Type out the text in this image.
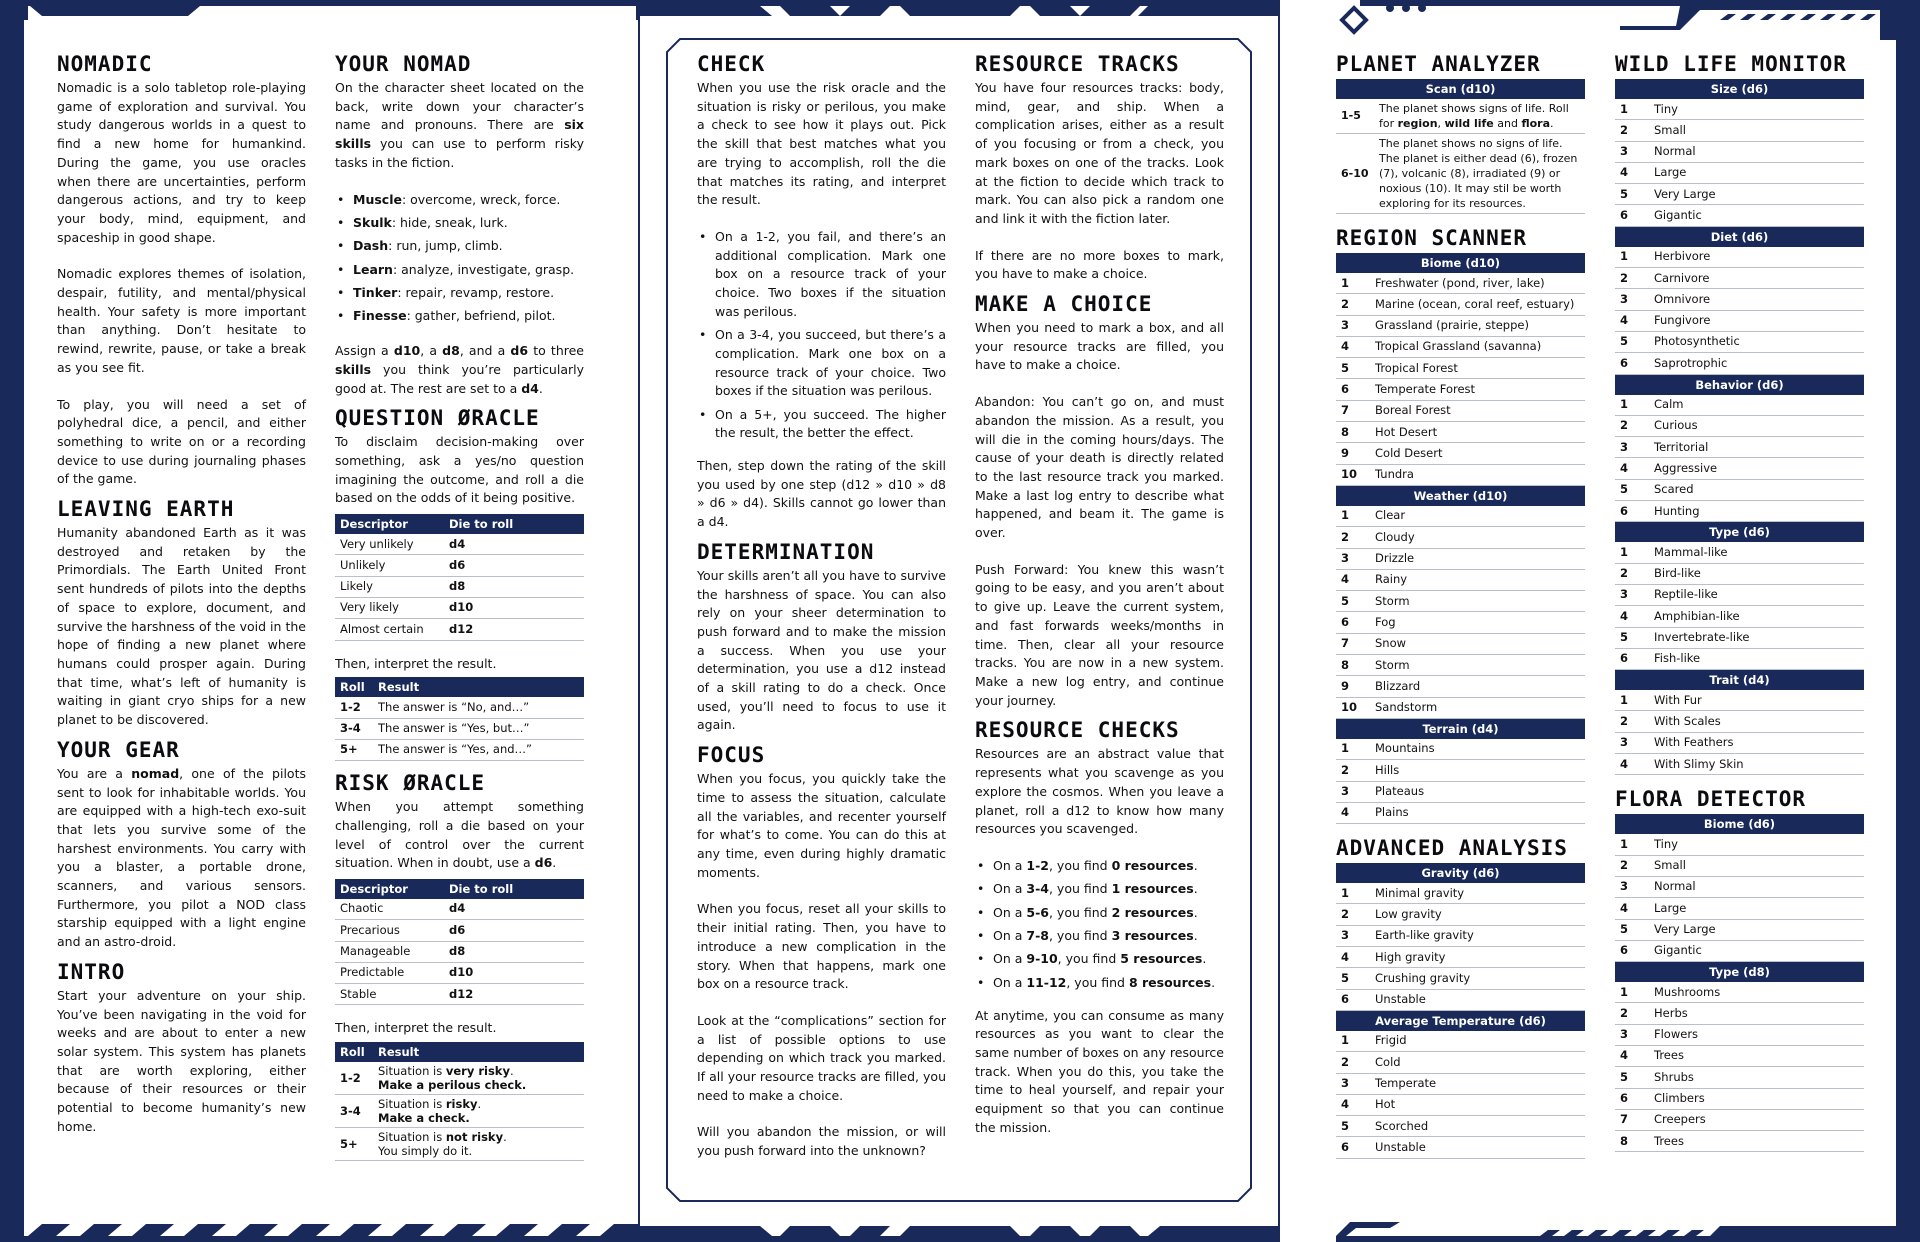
NOMADIC

Nomadic is a solo tabletop role-playing game of exploration and survival. You study dangerous worlds in a quest to find a new home for humankind. During the game, you use oracles when there are uncertainties, perform dangerous actions, and try to keep your body, mind, equipment, and spaceship in good shape.

Nomadic explores themes of isolation, despair, futility, and mental/physical health. Your safety is more important than anything. Don’t hesitate to rewind, rewrite, pause, or take a break as you see fit.

To play, you will need a set of polyhedral dice, a pencil, and either something to write on or a recording device to use during journaling phases of the game.

LEAVING EARTH

Humanity abandoned Earth as it was destroyed and retaken by the Primordials. The Earth United Front sent hundreds of pilots into the depths of space to explore, document, and survive the harshness of the void in the hope of finding a new planet where humans could prosper again. During that time, what’s left of humanity is waiting in giant cryo ships for a new planet to be discovered.

YOUR GEAR

You are a nomad, one of the pilots sent to look for inhabitable worlds. You are equipped with a high-tech exo-suit that lets you survive some of the harshest environments. You carry with you a blaster, a portable drone, scanners, and various sensors. Furthermore, you pilot a NOD class starship equipped with a light engine and an astro-droid.

INTRO

Start your adventure on your ship. You’ve been navigating in the void for weeks and are about to enter a new solar system. This system has planets that are worth exploring, either because of their resources or their potential to become humanity’s new home.

YOUR NOMAD

On the character sheet located on the back, write down your character’s name and pronouns. There are six skills you can use to perform risky tasks in the fiction.

• Muscle: overcome, wreck, force.
• Skulk: hide, sneak, lurk.
• Dash: run, jump, climb.
• Learn: analyze, investigate, grasp.
• Tinker: repair, revamp, restore.
• Finesse: gather, befriend, pilot.

Assign a d10, a d8, and a d6 to three skills you think you’re particularly good at. The rest are set to a d4.

QUESTION ØRACLE

To disclaim decision-making over something, ask a yes/no question imagining the outcome, and roll a die based on the odds of it being positive.

Descriptor	Die to roll
Very unlikely	d4
Unlikely	d6
Likely	d8
Very likely	d10
Almost certain	d12

Then, interpret the result.

Roll	Result
1-2	The answer is “No, and…”
3-4	The answer is “Yes, but…”
5+	The answer is “Yes, and…”
RISK ØRACLE

When you attempt something challenging, roll a die based on your level of control over the current situation. When in doubt, use a d6.

Descriptor	Die to roll
Chaotic	d4
Precarious	d6
Manageable	d8
Predictable	d10
Stable	d12

Then, interpret the result.

Roll	Result
1-2	Situation is very risky.
Make a perilous check.
3-4	Situation is risky.
Make a check.
5+	Situation is not risky.
You simply do it.
CHECK

When you use the risk oracle and the situation is risky or perilous, you make a check to see how it plays out. Pick the skill that best matches what you are trying to accomplish, roll the die that matches its rating, and interpret the result.

• On a 1-2, you fail, and there’s an additional complication. Mark one box on a resource track of your choice. Two boxes if the situation was perilous.
• On a 3-4, you succeed, but there’s a complication. Mark one box on a resource track of your choice. Two boxes if the situation was perilous.
• On a 5+, you succeed. The higher the result, the better the effect.

Then, step down the rating of the skill you used by one step (d12 » d10 » d8 » d6 » d4). Skills cannot go lower than a d4.

DETERMINATION

Your skills aren’t all you have to survive the harshness of space. You can also rely on your sheer determination to push forward and to make the mission a success. When you use your determination, you use a d12 instead of a skill rating to do a check. Once used, you’ll need to focus to use it again.

FOCUS

When you focus, you quickly take the time to assess the situation, calculate all the variables, and recenter yourself for what’s to come. You can do this at any time, even during highly dramatic moments.

When you focus, reset all your skills to their initial rating. Then, you have to introduce a new complication in the story. When that happens, mark one box on a resource track.

Look at the “complications” section for a list of possible options to use depending on which track you marked. If all your resource tracks are filled, you need to make a choice.

Will you abandon the mission, or will you push forward into the unknown?

RESOURCE TRACKS

You have four resources tracks: body, mind, gear, and ship. When a complication arises, either as a result of you focusing or from a check, you mark boxes on one of the tracks. Look at the fiction to decide which track to mark. You can also pick a random one and link it with the fiction later.

If there are no more boxes to mark, you have to make a choice.

MAKE A CHOICE

When you need to mark a box, and all your resource tracks are filled, you have to make a choice.

Abandon: You can’t go on, and must abandon the mission. As a result, you will die in the coming hours/days. The cause of your death is directly related to the last resource track you marked. Make a last log entry to describe what happened, and beam it. The game is over.

Push Forward: You knew this wasn’t going to be easy, and you aren’t about to give up. Leave the current system, and fast forwards weeks/months in time. Then, clear all your resource tracks. You are now in a new system. Make a new log entry, and continue your journey.

RESOURCE CHECKS

Resources are an abstract value that represents what you scavenge as you explore the cosmos. When you leave a planet, roll a d12 to know how many resources you scavenged.

• On a 1-2, you find 0 resources.
• On a 3-4, you find 1 resources.
• On a 5-6, you find 2 resources.
• On a 7-8, you find 3 resources.
• On a 9-10, you find 5 resources.
• On a 11-12, you find 8 resources.

At anytime, you can consume as many resources as you want to clear the same number of boxes on any resource track. When you do this, you take the time to heal yourself, and repair your equipment so that you can continue the mission.

PLANET ANALYZER
Scan (d10)	
1-5	The planet shows signs of life. Roll for region, wild life and flora.
6-10	The planet shows no signs of life. The planet is either dead (6), frozen (7), volcanic (8), irradiated (9) or noxious (10). It may stil be worth exploring for its resources.
REGION SCANNER
Biome (d10)
1	Freshwater (pond, river, lake)
2	Marine (ocean, coral reef, estuary)
3	Grassland (prairie, steppe)
4	Tropical Grassland (savanna)
5	Tropical Forest
6	Temperate Forest
7	Boreal Forest
8	Hot Desert
9	Cold Desert
10	Tundra
Weather (d10)
1	Clear
2	Cloudy
3	Drizzle
4	Rainy
5	Storm
6	Fog
7	Snow
8	Storm
9	Blizzard
10	Sandstorm
Terrain (d4)
1	Mountains
2	Hills
3	Plateaus
4	Plains
ADVANCED ANALYSIS
Gravity (d6)
1	Minimal gravity
2	Low gravity
3	Earth-like gravity
4	High gravity
5	Crushing gravity
6	Unstable
Average Temperature (d6)
1	Frigid
2	Cold
3	Temperate
4	Hot
5	Scorched
6	Unstable
WILD LIFE MONITOR
Size (d6)
1	Tiny
2	Small
3	Normal
4	Large
5	Very Large
6	Gigantic
Diet (d6)
1	Herbivore
2	Carnivore
3	Omnivore
4	Fungivore
5	Photosynthetic
6	Saprotrophic
Behavior (d6)
1	Calm
2	Curious
3	Territorial
4	Aggressive
5	Scared
6	Hunting
Type (d6)
1	Mammal-like
2	Bird-like
3	Reptile-like
4	Amphibian-like
5	Invertebrate-like
6	Fish-like
Trait (d4)
1	With Fur
2	With Scales
3	With Feathers
4	With Slimy Skin
FLORA DETECTOR
Biome (d6)
1	Tiny
2	Small
3	Normal
4	Large
5	Very Large
6	Gigantic
Type (d8)
1	Mushrooms
2	Herbs
3	Flowers
4	Trees
5	Shrubs
6	Climbers
7	Creepers
8	Trees
